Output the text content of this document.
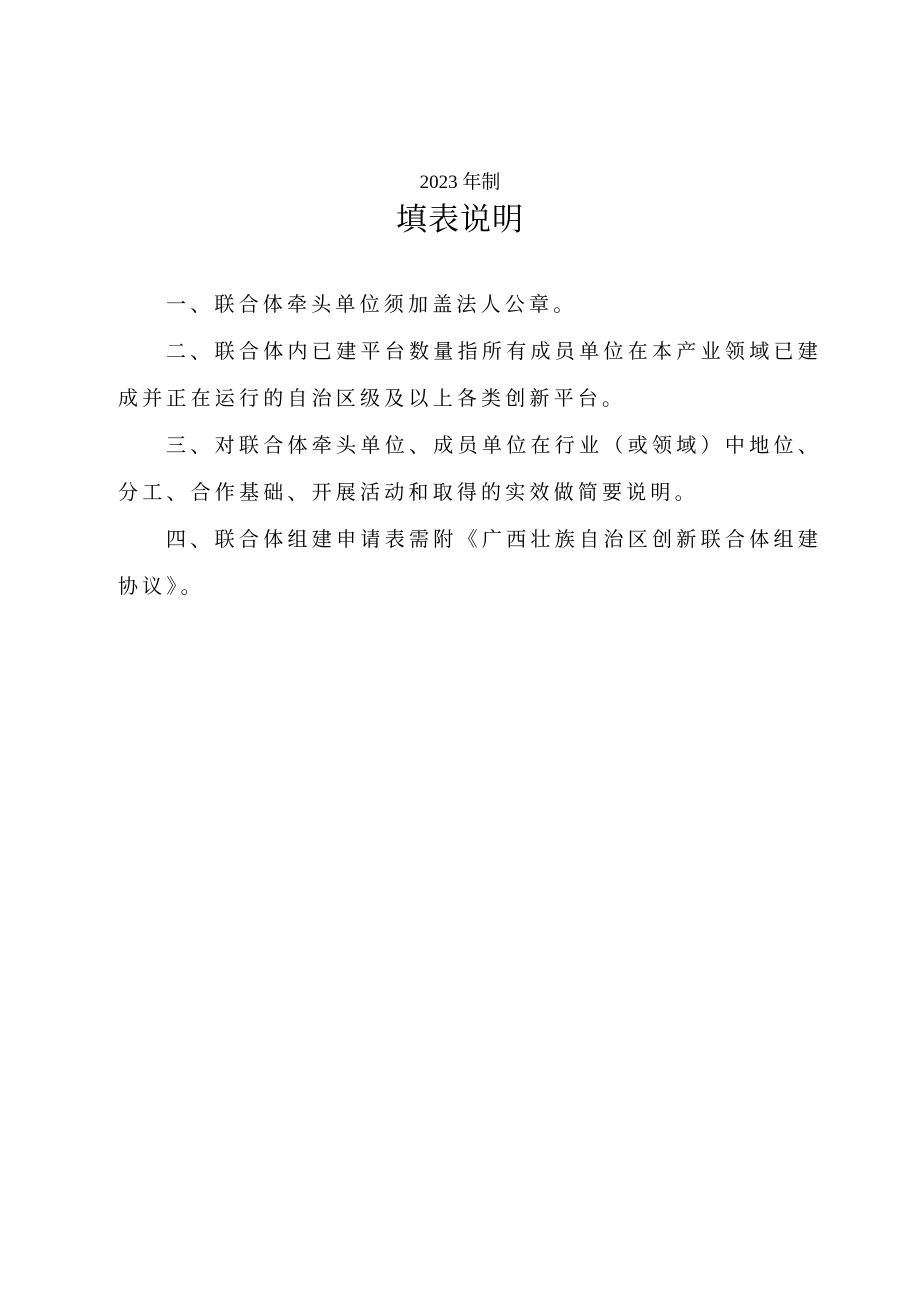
2023 年制
填表说明

一、联合体牵头单位须加盖法人公章。

二、联合体内已建平台数量指所有成员单位在本产业领域已建成并正在运行的自治区级及以上各类创新平台。

三、对联合体牵头单位、成员单位在行业（或领域）中地位、分工、合作基础、开展活动和取得的实效做简要说明。

四、联合体组建申请表需附《广西壮族自治区创新联合体组建协议》。
